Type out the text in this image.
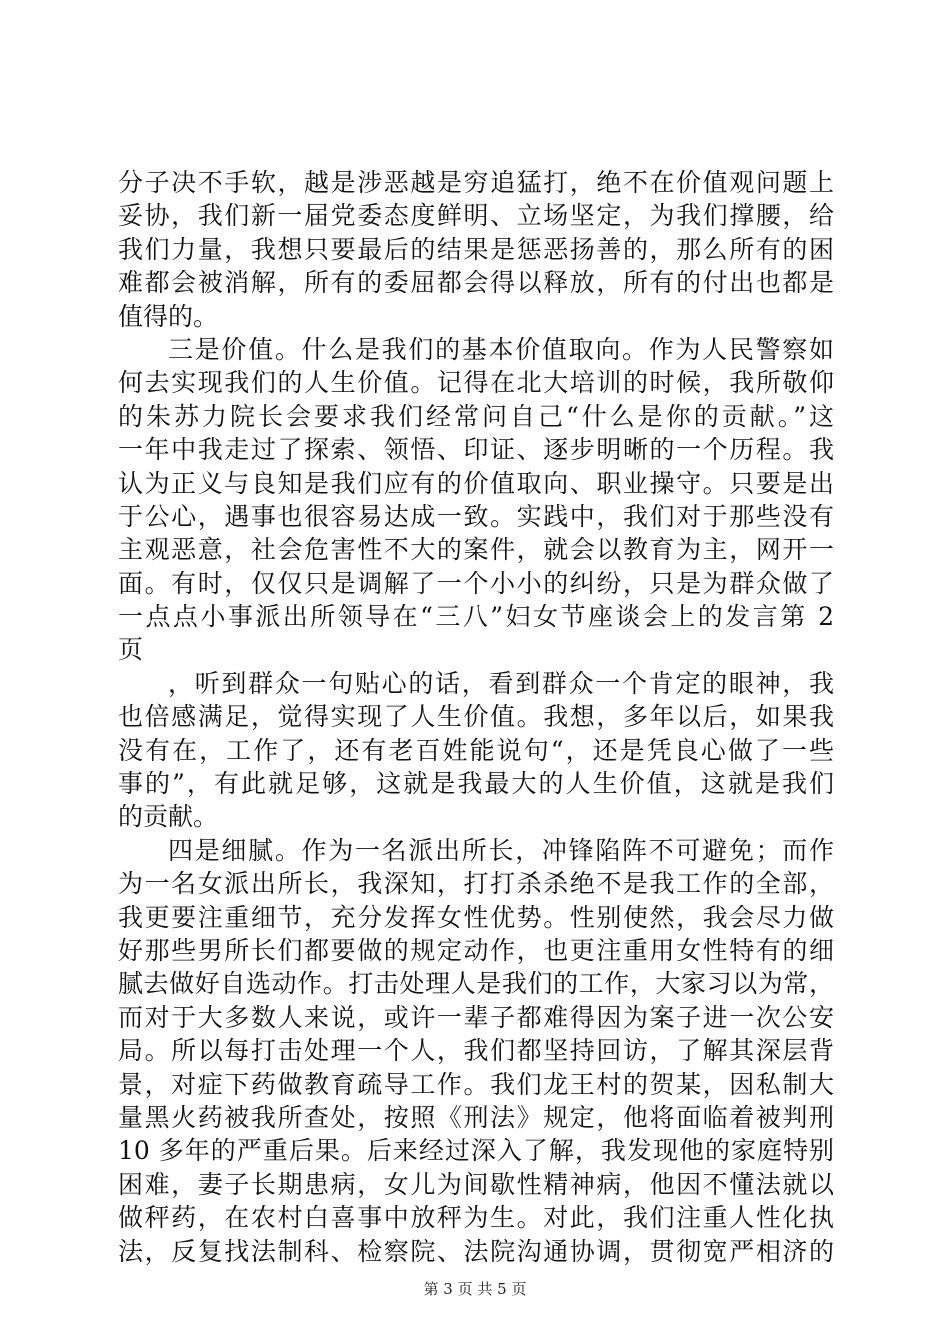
分子决不手软，越是涉恶越是穷追猛打，绝不在价值观问题上
妥协，我们新一届党委态度鲜明、立场坚定，为我们撑腰，给
我们力量，我想只要最后的结果是惩恶扬善的，那么所有的困
难都会被消解，所有的委屈都会得以释放，所有的付出也都是
值得的。
三是价值。什么是我们的基本价值取向。作为人民警察如
何去实现我们的人生价值。记得在北大培训的时候，我所敬仰
的朱苏力院长会要求我们经常问自己“什么是你的贡献。”这
一年中我走过了探索、领悟、印证、逐步明晰的一个历程。我
认为正义与良知是我们应有的价值取向、职业操守。只要是出
于公心，遇事也很容易达成一致。实践中，我们对于那些没有
主观恶意，社会危害性不大的案件，就会以教育为主，网开一
面。有时，仅仅只是调解了一个小小的纠纷，只是为群众做了
一点点小事派出所领导在“三八”妇女节座谈会上的发言第 2
页
，听到群众一句贴心的话，看到群众一个肯定的眼神，我
也倍感满足，觉得实现了人生价值。我想，多年以后，如果我
没有在，工作了，还有老百姓能说句“，还是凭良心做了一些
事的”，有此就足够，这就是我最大的人生价值，这就是我们
的贡献。
四是细腻。作为一名派出所长，冲锋陷阵不可避免；而作
为一名女派出所长，我深知，打打杀杀绝不是我工作的全部，
我更要注重细节，充分发挥女性优势。性别使然，我会尽力做
好那些男所长们都要做的规定动作，也更注重用女性特有的细
腻去做好自选动作。打击处理人是我们的工作，大家习以为常，
而对于大多数人来说，或许一辈子都难得因为案子进一次公安
局。所以每打击处理一个人，我们都坚持回访，了解其深层背
景，对症下药做教育疏导工作。我们龙王村的贺某，因私制大
量黑火药被我所查处，按照《刑法》规定，他将面临着被判刑
10 多年的严重后果。后来经过深入了解，我发现他的家庭特别
困难，妻子长期患病，女儿为间歇性精神病，他因不懂法就以
做秤药，在农村白喜事中放秤为生。对此，我们注重人性化执
法，反复找法制科、检察院、法院沟通协调，贯彻宽严相济的
第 3 页 共 5 页
